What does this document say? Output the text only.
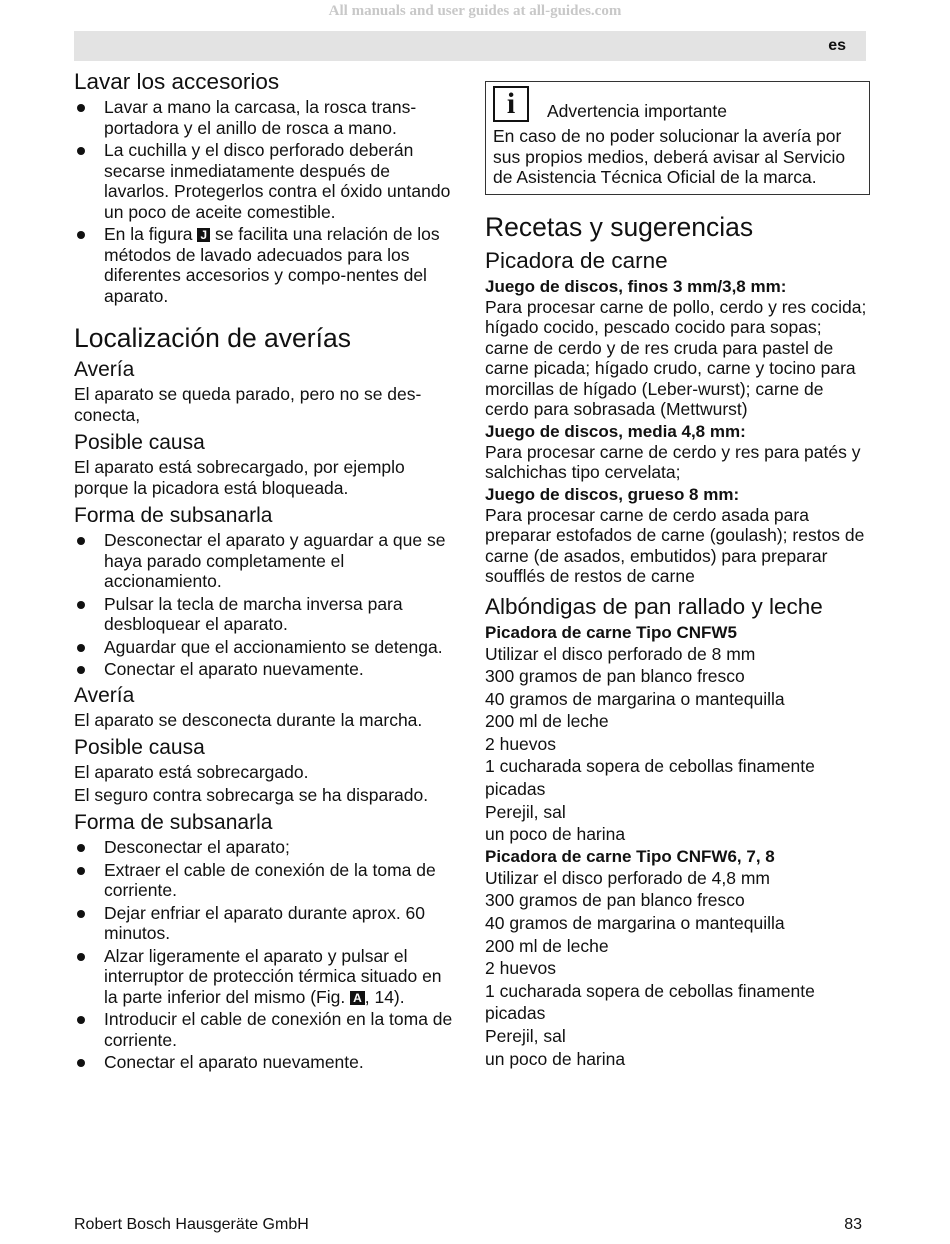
All manuals and user guides at all-guides.com
es
Lavar los accesorios
Lavar a mano la carcasa, la rosca trans-portadora y el anillo de rosca a mano.
La cuchilla y el disco perforado deberán secarse inmediatamente después de lavarlos. Protegerlos contra el óxido untando un poco de aceite comestible.
En la figura J se facilita una relación de los métodos de lavado adecuados para los diferentes accesorios y compo-nentes del aparato.
Localización de averías
Avería

El aparato se queda parado, pero no se des-conecta,

Posible causa

El aparato está sobrecargado, por ejemplo porque la picadora está bloqueada.

Forma de subsanarla
Desconectar el aparato y aguardar a que se haya parado completamente el accionamiento.
Pulsar la tecla de marcha inversa para desbloquear el aparato.
Aguardar que el accionamiento se detenga.
Conectar el aparato nuevamente.
Avería

El aparato se desconecta durante la marcha.

Posible causa

El aparato está sobrecargado.

El seguro contra sobrecarga se ha disparado.

Forma de subsanarla
Desconectar el aparato;
Extraer el cable de conexión de la toma de corriente.
Dejar enfriar el aparato durante aprox. 60 minutos.
Alzar ligeramente el aparato y pulsar el interruptor de protección térmica situado en la parte inferior del mismo (Fig. A , 14).
Introducir el cable de conexión en la toma de corriente.
Conectar el aparato nuevamente.
i	Advertencia importante

En caso de no poder solucionar la avería por sus propios medios, deberá avisar al Servicio de Asistencia Técnica Oficial de la marca.

Recetas y sugerencias
Picadora de carne
Juego de discos, finos 3 mm/3,8 mm:

Para procesar carne de pollo, cerdo y res cocida; hígado cocido, pescado cocido para sopas; carne de cerdo y de res cruda para pastel de carne picada; hígado crudo, carne y tocino para morcillas de hígado (Leber-wurst); carne de cerdo para sobrasada (Mettwurst)

Juego de discos, media 4,8 mm:

Para procesar carne de cerdo y res para patés y salchichas tipo cervelata;

Juego de discos, grueso 8 mm:

Para procesar carne de cerdo asada para preparar estofados de carne (goulash); restos de carne (de asados, embutidos) para preparar soufflés de restos de carne

Albóndigas de pan rallado y leche
Picadora de carne Tipo CNFW5

Utilizar el disco perforado de 8 mm

300 gramos de pan blanco fresco

40 gramos de margarina o mantequilla

200 ml de leche

2 huevos

1 cucharada sopera de cebollas finamente picadas

Perejil, sal

un poco de harina

Picadora de carne Tipo CNFW6, 7, 8

Utilizar el disco perforado de 4,8 mm

300 gramos de pan blanco fresco

40 gramos de margarina o mantequilla

200 ml de leche

2 huevos

1 cucharada sopera de cebollas finamente picadas

Perejil, sal

un poco de harina

Robert Bosch Hausgeräte GmbH	83
